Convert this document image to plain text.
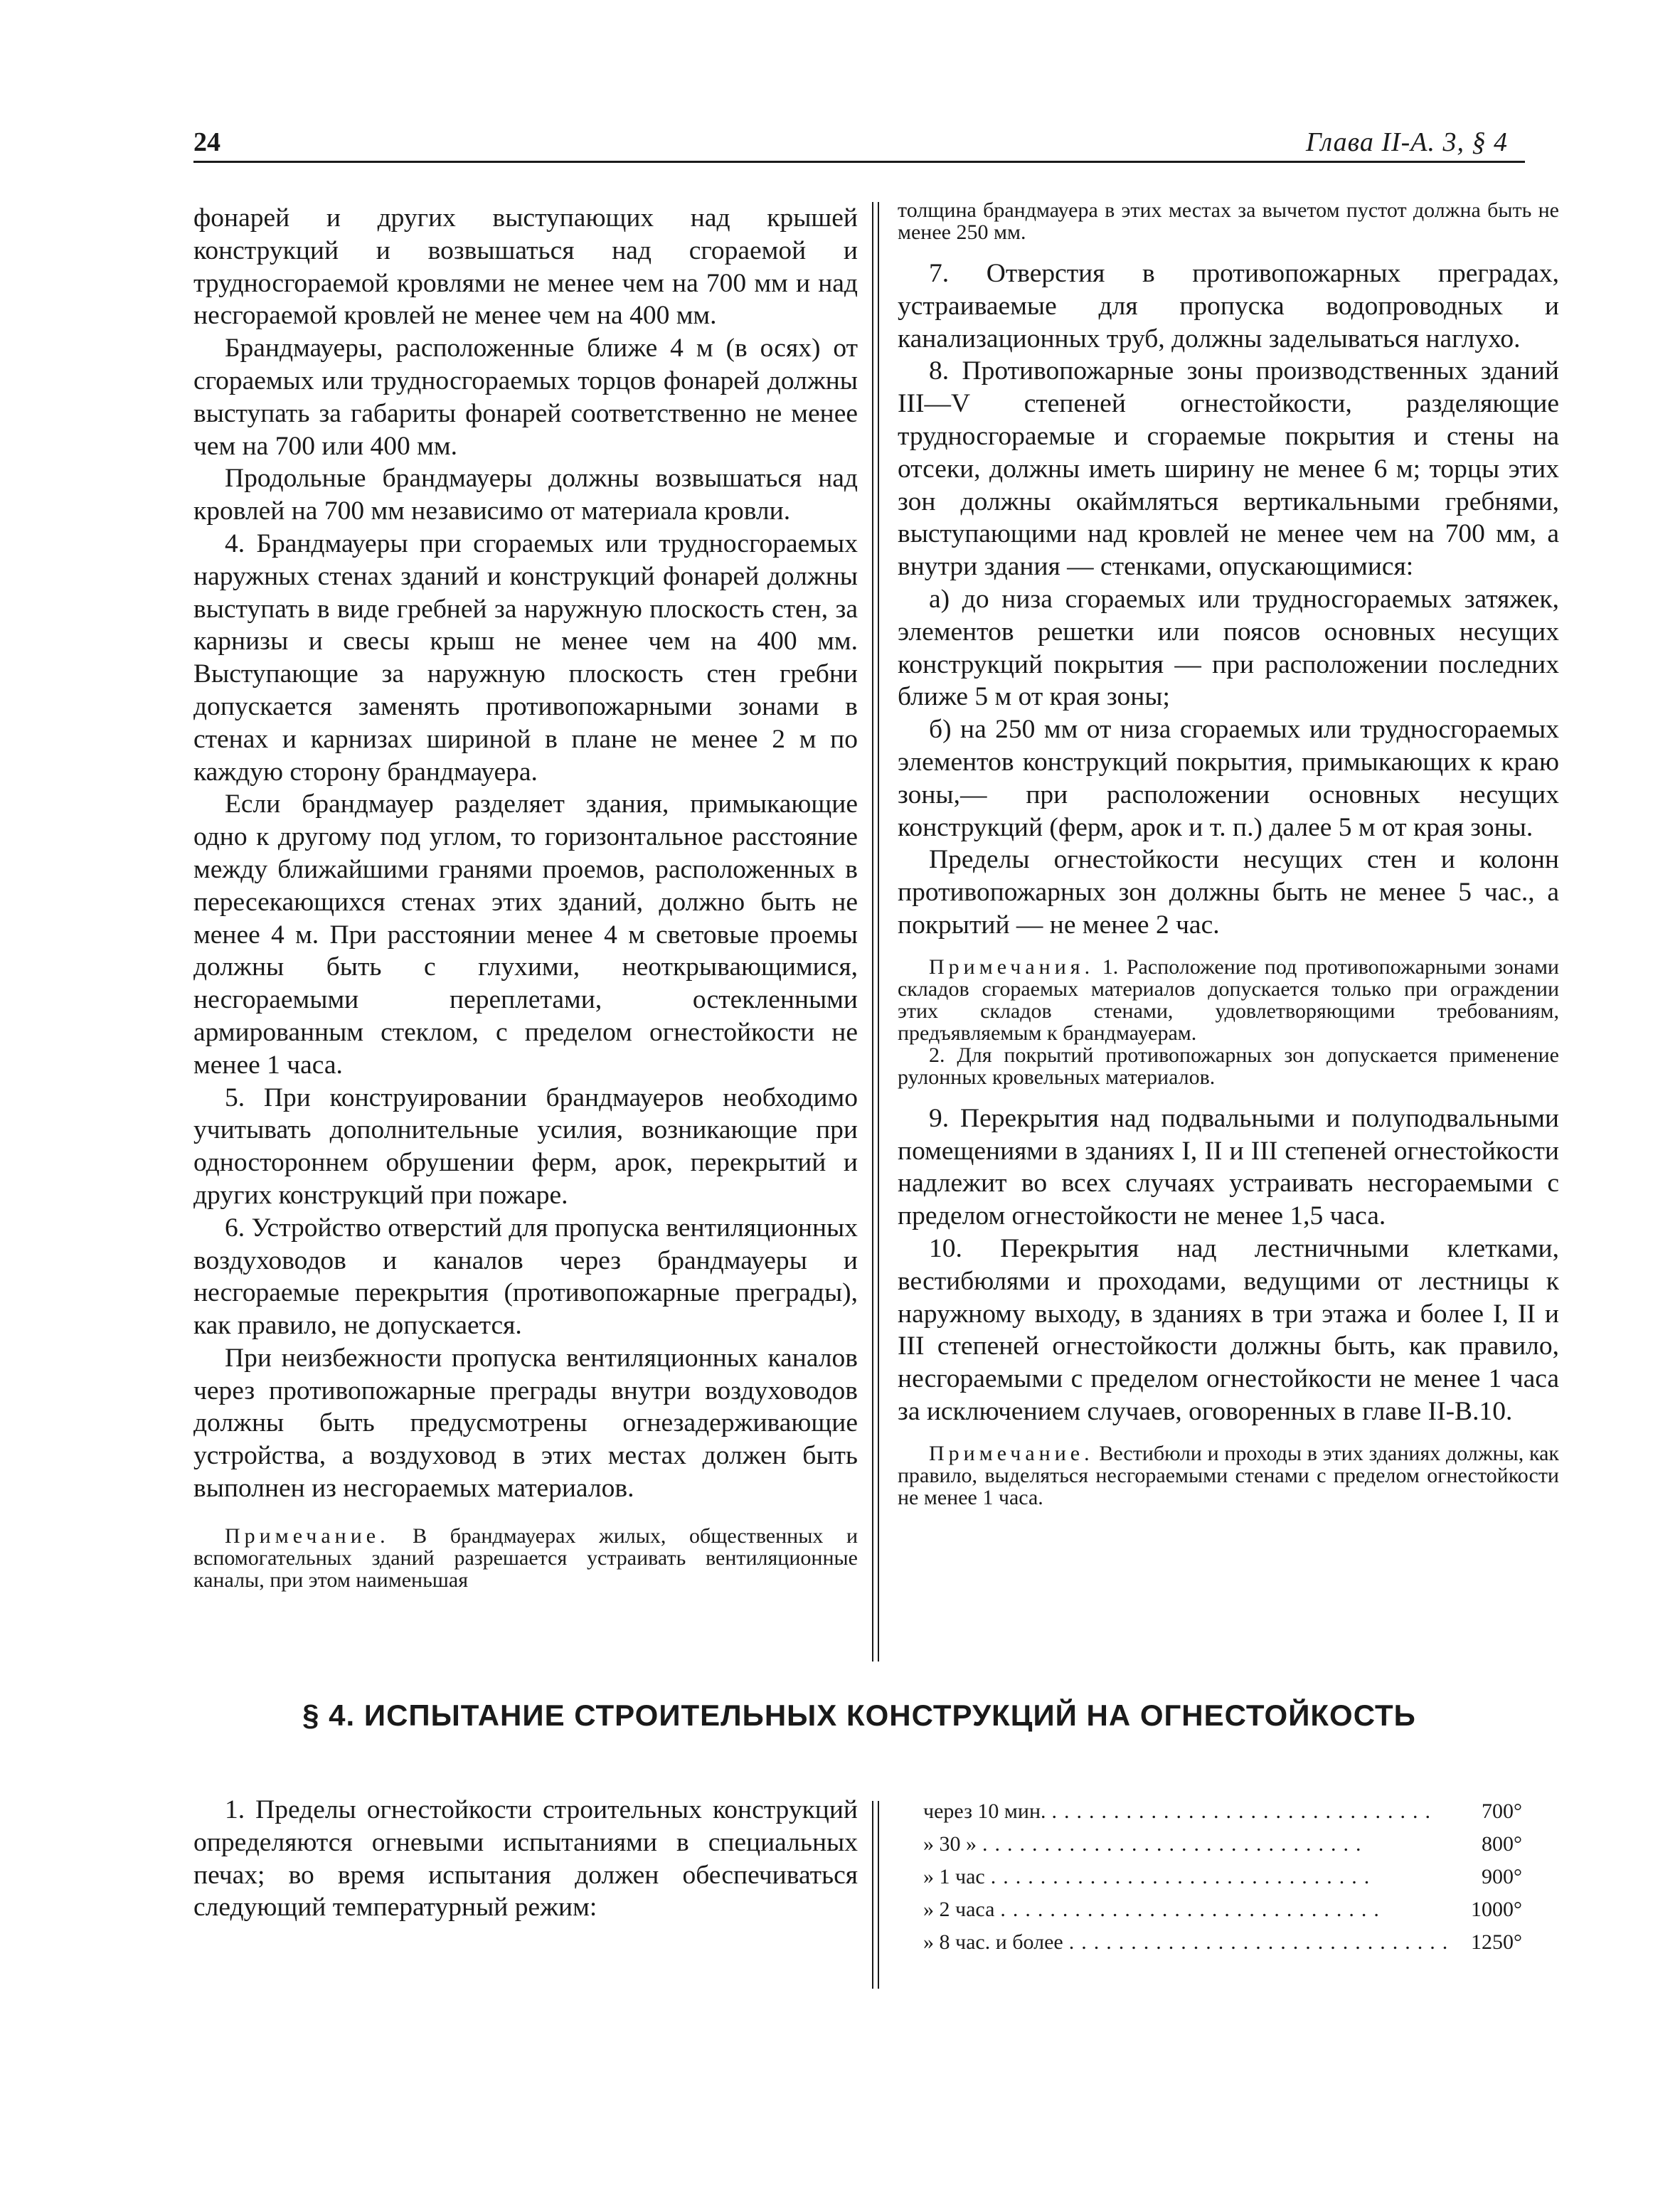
24	Глава II-А. 3, § 4

фонарей и других выступающих над крышей конструкций и возвышаться над сгораемой и трудносгораемой кровлями не менее чем на 700 мм и над несгораемой кровлей не менее чем на 400 мм.

Брандмауеры, расположенные ближе 4 м (в осях) от сгораемых или трудносгораемых торцов фонарей должны выступать за габариты фонарей соответственно не менее чем на 700 или 400 мм.

Продольные брандмауеры должны возвышаться над кровлей на 700 мм независимо от материала кровли.

4. Брандмауеры при сгораемых или трудносгораемых наружных стенах зданий и конструкций фонарей должны выступать в виде гребней за наружную плоскость стен, за карнизы и свесы крыш не менее чем на 400 мм. Выступающие за наружную плоскость стен гребни допускается заменять противопожарными зонами в стенах и карнизах шириной в плане не менее 2 м по каждую сторону брандмауера.

Если брандмауер разделяет здания, примыкающие одно к другому под углом, то горизонтальное расстояние между ближайшими гранями проемов, расположенных в пересекающихся стенах этих зданий, должно быть не менее 4 м. При расстоянии менее 4 м световые проемы должны быть с глухими, неоткрывающимися, несгораемыми переплетами, остекленными армированным стеклом, с пределом огнестойкости не менее 1 часа.

5. При конструировании брандмауеров необходимо учитывать дополнительные усилия, возникающие при одностороннем обрушении ферм, арок, перекрытий и других конструкций при пожаре.

6. Устройство отверстий для пропуска вентиляционных воздуховодов и каналов через брандмауеры и несгораемые перекрытия (противопожарные преграды), как правило, не допускается.

При неизбежности пропуска вентиляционных каналов через противопожарные преграды внутри воздуховодов должны быть предусмотрены огнезадерживающие устройства, а воздуховод в этих местах должен быть выполнен из несгораемых материалов.

Примечание. В брандмауерах жилых, общественных и вспомогательных зданий разрешается устраивать вентиляционные каналы, при этом наименьшая

толщина брандмауера в этих местах за вычетом пустот должна быть не менее 250 мм.

7. Отверстия в противопожарных преградах, устраиваемые для пропуска водопроводных и канализационных труб, должны заделываться наглухо.

8. Противопожарные зоны производственных зданий III—V степеней огнестойкости, разделяющие трудносгораемые и сгораемые покрытия и стены на отсеки, должны иметь ширину не менее 6 м; торцы этих зон должны окаймляться вертикальными гребнями, выступающими над кровлей не менее чем на 700 мм, а внутри здания — стенками, опускающимися:

а) до низа сгораемых или трудносгораемых затяжек, элементов решетки или поясов основных несущих конструкций покрытия — при расположении последних ближе 5 м от края зоны;

б) на 250 мм от низа сгораемых или трудносгораемых элементов конструкций покрытия, примыкающих к краю зоны,— при расположении основных несущих конструкций (ферм, арок и т. п.) далее 5 м от края зоны.

Пределы огнестойкости несущих стен и колонн противопожарных зон должны быть не менее 5 час., а покрытий — не менее 2 час.

Примечания. 1. Расположение под противопожарными зонами складов сгораемых материалов допускается только при ограждении этих складов стенами, удовлетворяющими требованиям, предъявляемым к брандмауерам.

2. Для покрытий противопожарных зон допускается применение рулонных кровельных материалов.

9. Перекрытия над подвальными и полуподвальными помещениями в зданиях I, II и III степеней огнестойкости надлежит во всех случаях устраивать несгораемыми с пределом огнестойкости не менее 1,5 часа.

10. Перекрытия над лестничными клетками, вестибюлями и проходами, ведущими от лестницы к наружному выходу, в зданиях в три этажа и более I, II и III степеней огнестойкости должны быть, как правило, несгораемыми с пределом огнестойкости не менее 1 часа за исключением случаев, оговоренных в главе II-В.10.

Примечание. Вестибюли и проходы в этих зданиях должны, как правило, выделяться несгораемыми стенами с пределом огнестойкости не менее 1 часа.

§ 4. ИСПЫТАНИЕ СТРОИТЕЛЬНЫХ КОНСТРУКЦИЙ НА ОГНЕСТОЙКОСТЬ

1. Пределы огнестойкости строительных конструкций определяются огневыми испытаниями в специальных печах; во время испытания должен обеспечиваться следующий температурный режим:

через 10 мин. ...............................	700°
» 30 » ...............................	800°
» 1 час ...............................	900°
» 2 часа ...............................	1000°
» 8 час. и более ............................... 1250°
